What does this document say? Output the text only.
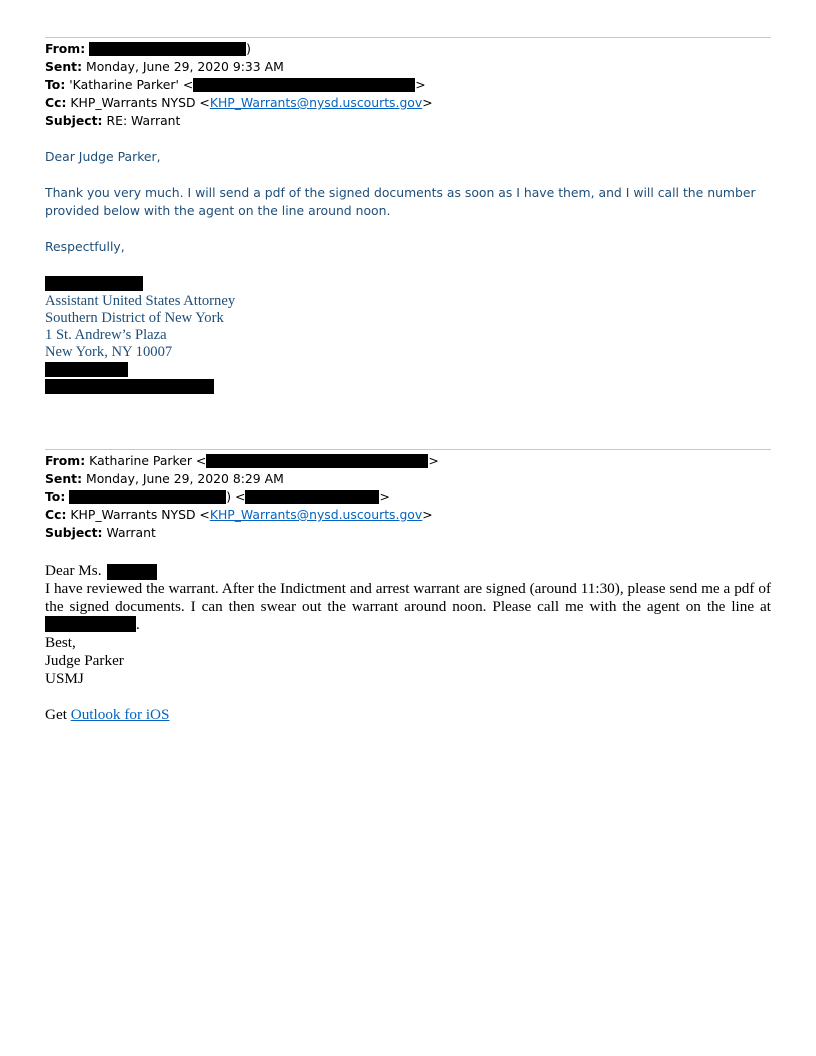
From:	)
Sent: Monday, June 29, 2020 9:33 AM
To: 'Katharine Parker' <	>
Cc: KHP_Warrants NYSD < KHP_Warrants@nysd.uscourts.gov >
Subject: RE: Warrant
Dear Judge Parker,
Thank you very much. I will send a pdf of the signed documents as soon as I have them, and I will call the number provided below with the agent on the line around noon.
Respectfully,
Assistant United States Attorney
Southern District of New York
1 St. Andrew’s Plaza
New York, NY 10007
From: Katharine Parker <	>
Sent: Monday, June 29, 2020 8:29 AM
To:	) <	>
Cc: KHP_Warrants NYSD < KHP_Warrants@nysd.uscourts.gov >
Subject: Warrant

Dear Ms.

I have reviewed the warrant. After the Indictment and arrest warrant are signed (around 11:30), please send me a pdf of the signed documents. I can then swear out the warrant around noon. Please call me with the agent on the line at .

Best,

Judge Parker

USMJ

Get Outlook for iOS
